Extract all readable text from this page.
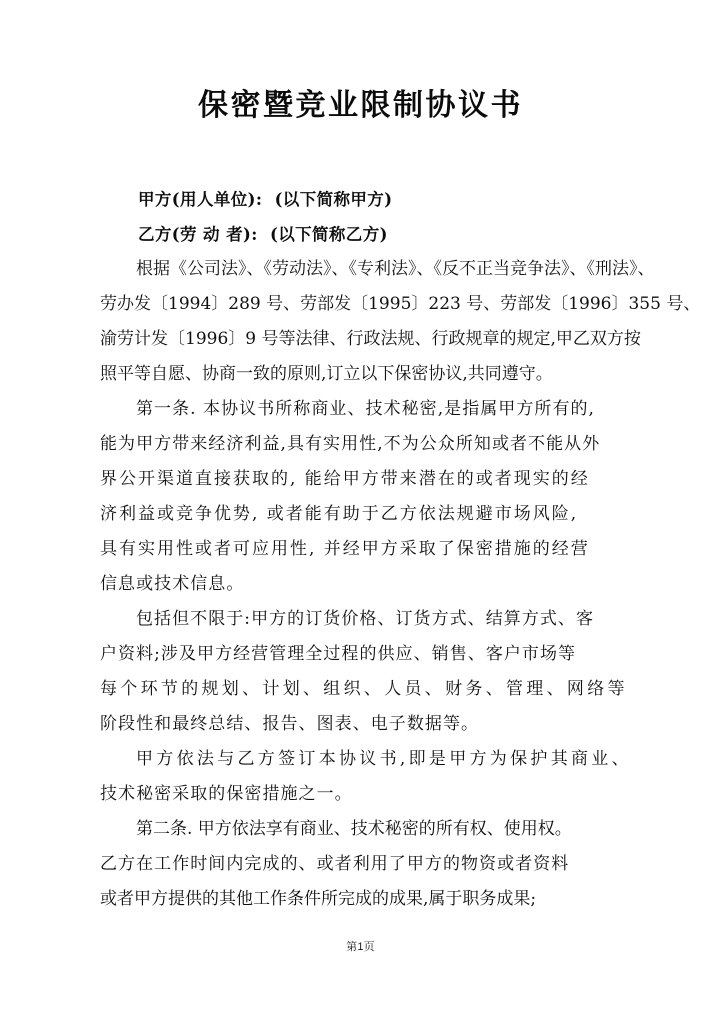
保密暨竞业限制协议书
甲方(用人单位):  (以下简称甲方)
乙方(劳 动 者):  (以下简称乙方)
根据《公司法》、《劳动法》、《专利法》、《反不正当竞争法》、《刑法》、
劳办发〔1994〕289 号、劳部发〔1995〕223 号、劳部发〔1996〕355 号、
渝劳计发〔1996〕9 号等法律、行政法规、行政规章的规定,甲乙双方按
照平等自愿、协商一致的原则,订立以下保密协议,共同遵守。
第一条. 本协议书所称商业、技术秘密,是指属甲方所有的,
能为甲方带来经济利益,具有实用性,不为公众所知或者不能从外
界公开渠道直接获取的, 能给甲方带来潜在的或者现实的经
济利益或竞争优势, 或者能有助于乙方依法规避市场风险,
具有实用性或者可应用性, 并经甲方采取了保密措施的经营
信息或技术信息。
包括但不限于:甲方的订货价格、订货方式、结算方式、客
户资料;涉及甲方经营管理全过程的供应、销售、客户市场等
每个环节的规划、计划、组织、人员、财务、管理、网络等
阶段性和最终总结、报告、图表、电子数据等。
甲方依法与乙方签订本协议书,即是甲方为保护其商业、
技术秘密采取的保密措施之一。
第二条. 甲方依法享有商业、技术秘密的所有权、使用权。
乙方在工作时间内完成的、或者利用了甲方的物资或者资料
或者甲方提供的其他工作条件所完成的成果,属于职务成果;
第1页
